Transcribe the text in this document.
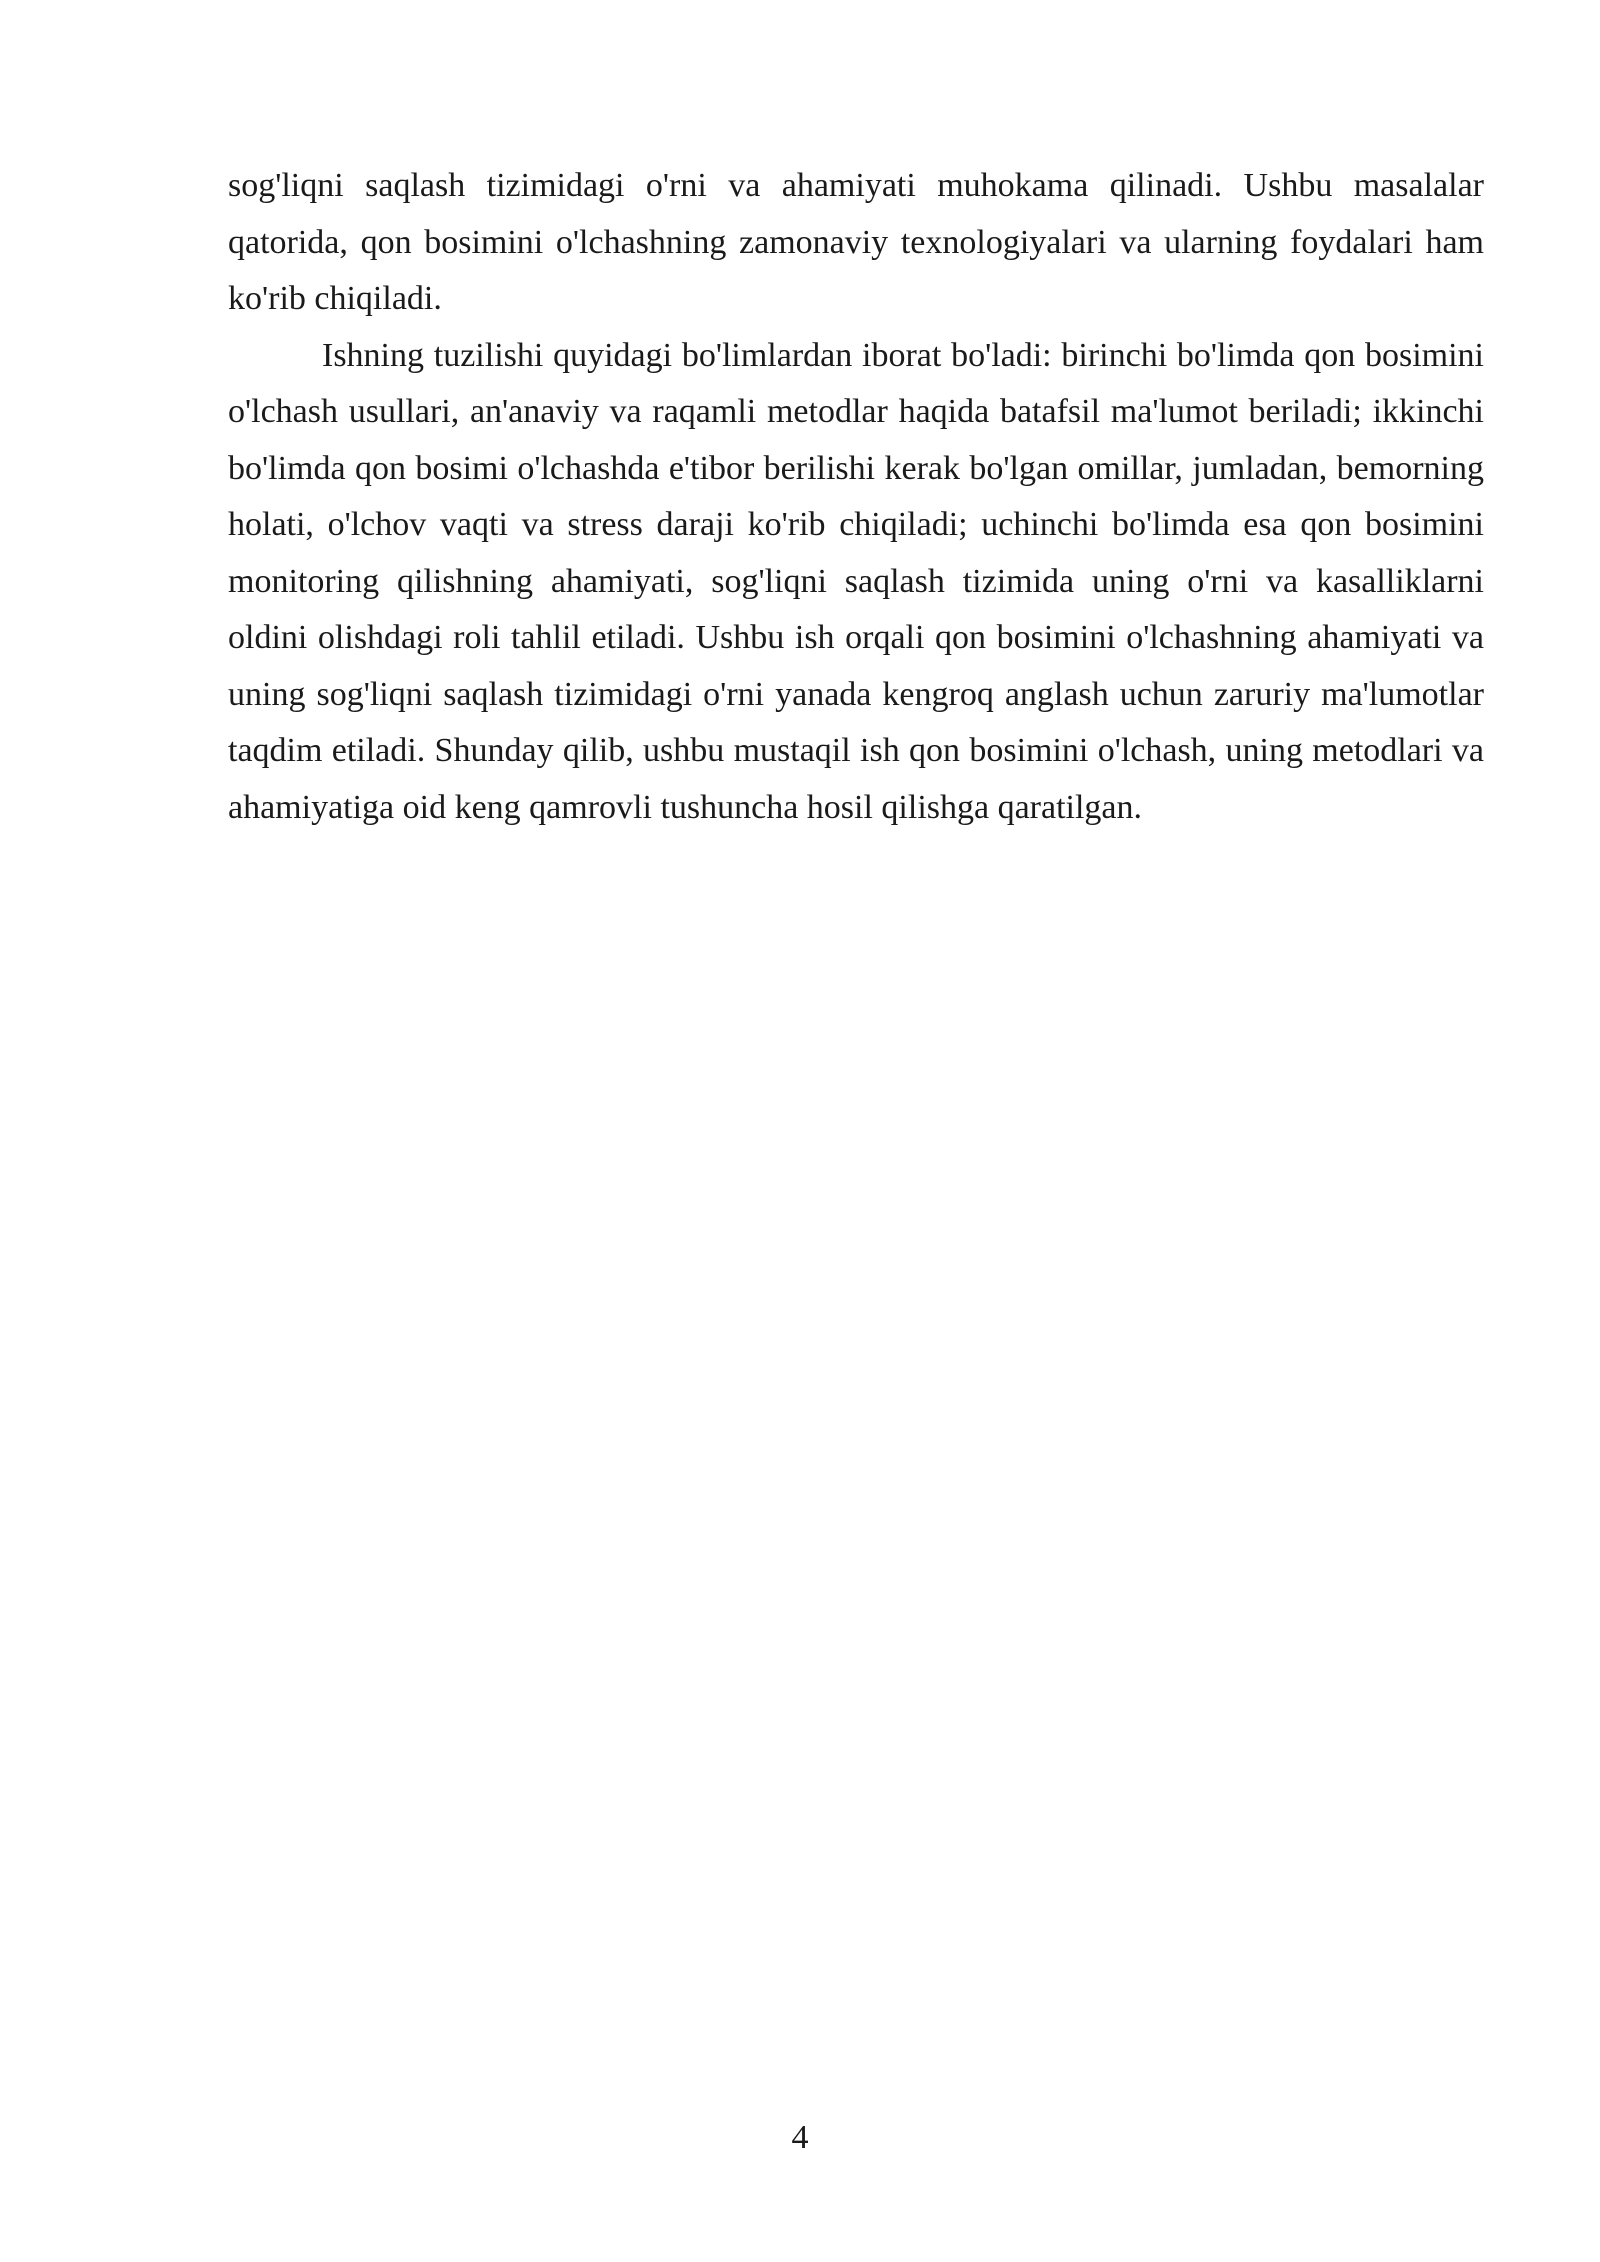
sog'liqni saqlash tizimidagi o'rni va ahamiyati muhokama qilinadi. Ushbu masalalar qatorida, qon bosimini o'lchashning zamonaviy texnologiyalari va ularning foydalari ham ko'rib chiqiladi.

Ishning tuzilishi quyidagi bo'limlardan iborat bo'ladi: birinchi bo'limda qon bosimini o'lchash usullari, an'anaviy va raqamli metodlar haqida batafsil ma'lumot beriladi; ikkinchi bo'limda qon bosimi o'lchashda e'tibor berilishi kerak bo'lgan omillar, jumladan, bemorning holati, o'lchov vaqti va stress daraji ko'rib chiqiladi; uchinchi bo'limda esa qon bosimini monitoring qilishning ahamiyati, sog'liqni saqlash tizimida uning o'rni va kasalliklarni oldini olishdagi roli tahlil etiladi. Ushbu ish orqali qon bosimini o'lchashning ahamiyati va uning sog'liqni saqlash tizimidagi o'rni yanada kengroq anglash uchun zaruriy ma'lumotlar taqdim etiladi. Shunday qilib, ushbu mustaqil ish qon bosimini o'lchash, uning metodlari va ahamiyatiga oid keng qamrovli tushuncha hosil qilishga qaratilgan.

4
